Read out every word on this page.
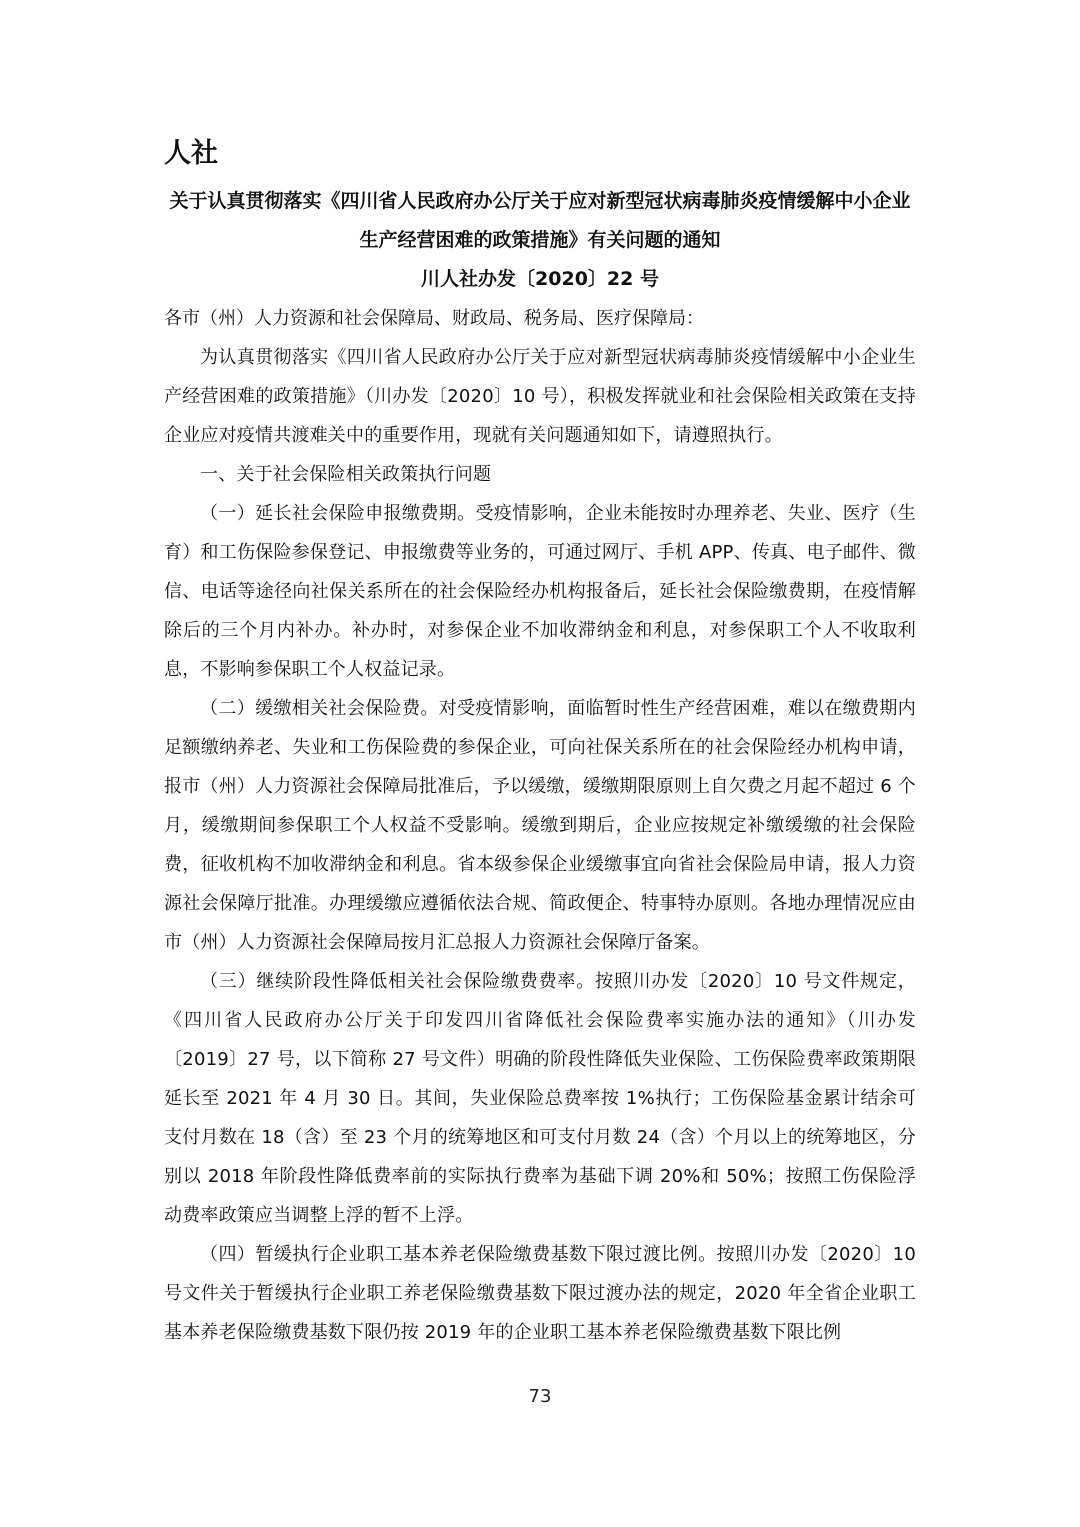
人社
关于认真贯彻落实《四川省人民政府办公厅关于应对新型冠状病毒肺炎疫情缓解中小企业生产经营困难的政策措施》有关问题的通知
川人社办发〔2020〕22 号
各市（州）人力资源和社会保障局、财政局、税务局、医疗保障局：
为认真贯彻落实《四川省人民政府办公厅关于应对新型冠状病毒肺炎疫情缓解中小企业生产经营困难的政策措施》（川办发〔2020〕10 号），积极发挥就业和社会保险相关政策在支持企业应对疫情共渡难关中的重要作用，现就有关问题通知如下，请遵照执行。
一、关于社会保险相关政策执行问题
（一）延长社会保险申报缴费期。受疫情影响，企业未能按时办理养老、失业、医疗（生育）和工伤保险参保登记、申报缴费等业务的，可通过网厅、手机 APP、传真、电子邮件、微信、电话等途径向社保关系所在的社会保险经办机构报备后，延长社会保险缴费期，在疫情解除后的三个月内补办。补办时，对参保企业不加收滞纳金和利息，对参保职工个人不收取利息，不影响参保职工个人权益记录。
（二）缓缴相关社会保险费。对受疫情影响，面临暂时性生产经营困难，难以在缴费期内足额缴纳养老、失业和工伤保险费的参保企业，可向社保关系所在的社会保险经办机构申请，报市（州）人力资源社会保障局批准后，予以缓缴，缓缴期限原则上自欠费之月起不超过 6 个月，缓缴期间参保职工个人权益不受影响。缓缴到期后，企业应按规定补缴缓缴的社会保险费，征收机构不加收滞纳金和利息。省本级参保企业缓缴事宜向省社会保险局申请，报人力资源社会保障厅批准。办理缓缴应遵循依法合规、简政便企、特事特办原则。各地办理情况应由市（州）人力资源社会保障局按月汇总报人力资源社会保障厅备案。
（三）继续阶段性降低相关社会保险缴费费率。按照川办发〔2020〕10 号文件规定，《四川省人民政府办公厅关于印发四川省降低社会保险费率实施办法的通知》（川办发〔2019〕27 号，以下简称 27 号文件）明确的阶段性降低失业保险、工伤保险费率政策期限延长至 2021 年 4 月 30 日。其间，失业保险总费率按 1%执行；工伤保险基金累计结余可支付月数在 18（含）至 23 个月的统筹地区和可支付月数 24（含）个月以上的统筹地区，分别以 2018 年阶段性降低费率前的实际执行费率为基础下调 20%和 50%；按照工伤保险浮动费率政策应当调整上浮的暂不上浮。
（四）暂缓执行企业职工基本养老保险缴费基数下限过渡比例。按照川办发〔2020〕10 号文件关于暂缓执行企业职工养老保险缴费基数下限过渡办法的规定，2020 年全省企业职工基本养老保险缴费基数下限仍按 2019 年的企业职工基本养老保险缴费基数下限比例
73
